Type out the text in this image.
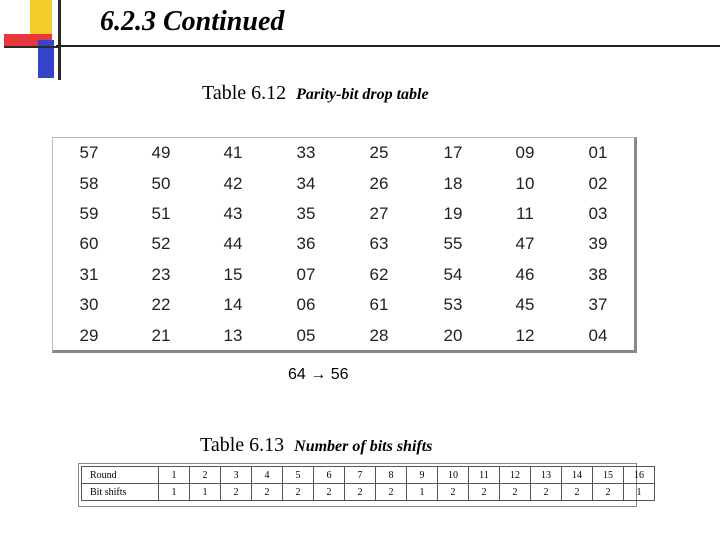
6.2.3 Continued
Table 6.12 Parity-bit drop table
57	49	41	33	25	17	09	01
58	50	42	34	26	18	10	02
59	51	43	35	27	19	11	03
60	52	44	36	63	55	47	39
31	23	15	07	62	54	46	38
30	22	14	06	61	53	45	37
29	21	13	05	28	20	12	04
64 → 56
Table 6.13 Number of bits shifts
Round	1	2	3	4	5	6	7	8	9	10	11	12	13	14	15	16
Bit shifts	1	1	2	2	2	2	2	2	1	2	2	2	2	2	2	1
